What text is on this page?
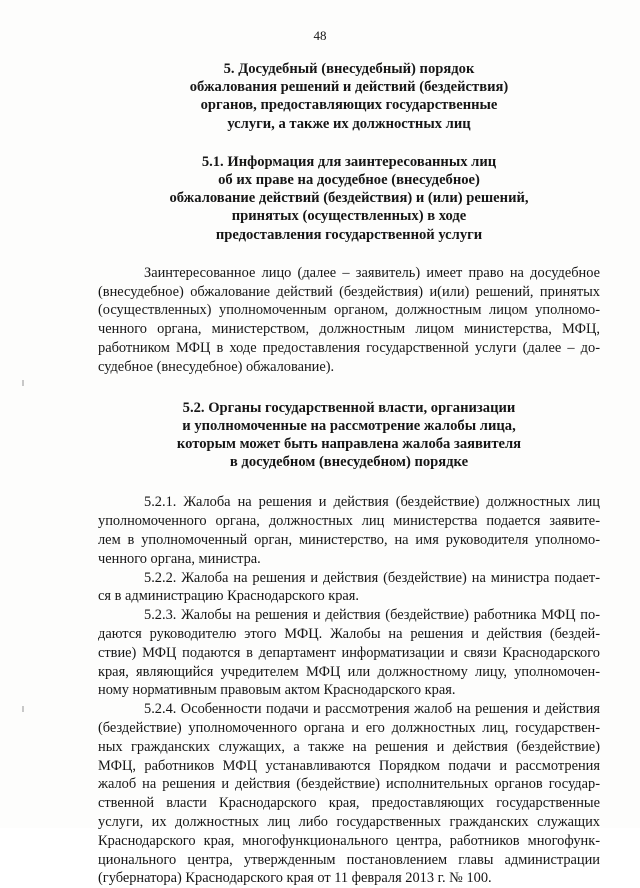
48
5. Досудебный (внесудебный) порядок
обжалования решений и действий (бездействия)
органов, предоставляющих государственные
услуги, а также их должностных лиц
5.1. Информация для заинтересованных лиц
об их праве на досудебное (внесудебное)
обжалование действий (бездействия) и (или) решений,
принятых (осуществленных) в ходе
предоставления государственной услуги
Заинтересованное лицо (далее – заявитель) имеет право на досудебное
(внесудебное) обжалование действий (бездействия) и(или) решений, принятых
(осуществленных) уполномоченным органом, должностным лицом уполномо-
ченного органа, министерством, должностным лицом министерства, МФЦ,
работником МФЦ в ходе предоставления государственной услуги (далее – до-
судебное (внесудебное) обжалование).
5.2. Органы государственной власти, организации
и уполномоченные на рассмотрение жалобы лица,
которым может быть направлена жалоба заявителя
в досудебном (внесудебном) порядке
5.2.1. Жалоба на решения и действия (бездействие) должностных лиц
уполномоченного органа, должностных лиц министерства подается заявите-
лем в уполномоченный орган, министерство, на имя руководителя уполномо-
ченного органа, министра.
5.2.2. Жалоба на решения и действия (бездействие) на министра подает-
ся в администрацию Краснодарского края.
5.2.3. Жалобы на решения и действия (бездействие) работника МФЦ по-
даются руководителю этого МФЦ. Жалобы на решения и действия (бездей-
ствие) МФЦ подаются в департамент информатизации и связи Краснодарского
края, являющийся учредителем МФЦ или должностному лицу, уполномочен-
ному нормативным правовым актом Краснодарского края.
5.2.4. Особенности подачи и рассмотрения жалоб на решения и действия
(бездействие) уполномоченного органа и его должностных лиц, государствен-
ных гражданских служащих, а также на решения и действия (бездействие)
МФЦ, работников МФЦ устанавливаются Порядком подачи и рассмотрения
жалоб на решения и действия (бездействие) исполнительных органов государ-
ственной власти Краснодарского края, предоставляющих государственные
услуги, их должностных лиц либо государственных гражданских служащих
Краснодарского края, многофункционального центра, работников многофунк-
ционального центра, утвержденным постановлением главы администрации
(губернатора) Краснодарского края от 11 февраля 2013 г. № 100.
